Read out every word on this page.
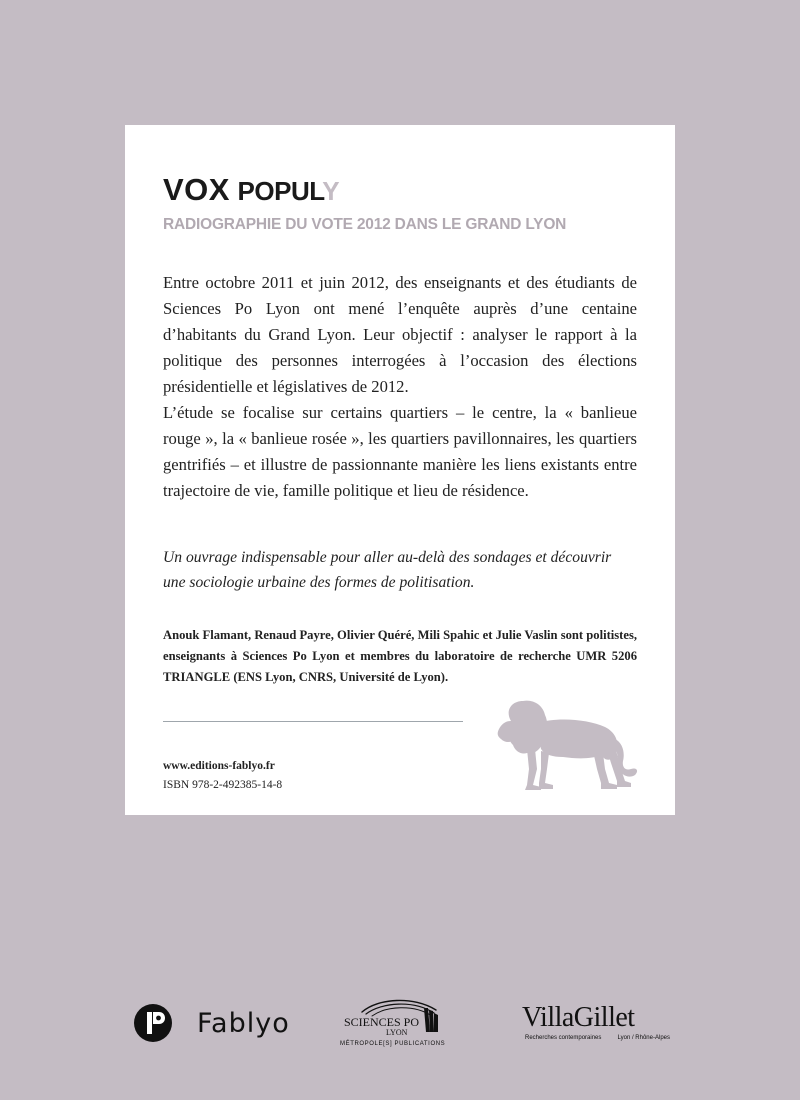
VOX POPULY
RADIOGRAPHIE DU VOTE 2012 DANS LE GRAND LYON

Entre octobre 2011 et juin 2012, des enseignants et des étudiants de Sciences Po Lyon ont mené l’enquête auprès d’une centaine d’habitants du Grand Lyon. Leur objectif : analyser le rapport à la politique des personnes interrogées à l’occasion des élections présidentielle et législatives de 2012.

L’étude se focalise sur certains quartiers – le centre, la « banlieue rouge », la « banlieue rosée », les quartiers pavillonnaires, les quartiers gentrifiés – et illustre de passionnante manière les liens existants entre trajectoire de vie, famille politique et lieu de résidence.

Un ouvrage indispensable pour aller au-delà des sondages et découvrir une sociologie urbaine des formes de politisation.

Anouk Flamant, Renaud Payre, Olivier Quéré, Mili Spahic et Julie Vaslin sont politistes, enseignants à Sciences Po Lyon et membres du laboratoire de recherche UMR 5206 TRIANGLE (ENS Lyon, CNRS, Université de Lyon).

www.editions-fablyo.fr

ISBN 978-2-492385-14-8

Fablyo	SCIENCES PO
LYON
MÉTROPOLE[S] PUBLICATIONS
VillaGillet
Recherches contemporaines	Lyon / Rhône-Alpes
